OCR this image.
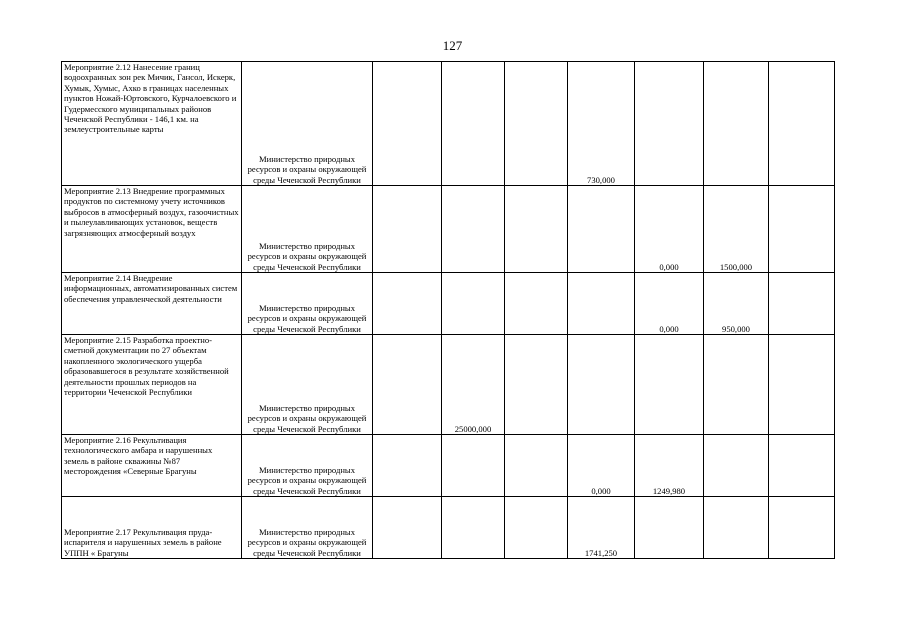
127
Мероприятие 2.12 Нанесение границ водоохранных зон рек Мичик, Гансол, Искерк, Хумык, Хумыс, Ахко в границах населенных пунктов Ножай-Юртовского, Курчалоевского и Гудермесского муниципальных районов Чеченской Республики - 146,1 км. на землеустроительные карты	Министерство природных ресурсов и охраны окружающей среды Чеченской Республики				730,000			
Мероприятие 2.13 Внедрение программных продуктов по системному учету источников выбросов в атмосферный воздух, газоочистных и пылеулавливающих установок, веществ загрязняющих атмосферный воздух	Министерство природных ресурсов и охраны окружающей среды Чеченской Республики					0,000	1500,000	
Мероприятие 2.14 Внедрение информационных, автоматизированных систем обеспечения управленческой деятельности	Министерство природных ресурсов и охраны окружающей среды Чеченской Республики					0,000	950,000	
Мероприятие 2.15 Разработка проектно-сметной документации по 27 объектам накопленного экологического ущерба образовавшегося в результате хозяйственной деятельности прошлых периодов на территории Чеченской Республики	Министерство природных ресурсов и охраны окружающей среды Чеченской Республики		25000,000					
Мероприятие 2.16 Рекультивация технологического амбара и нарушенных земель в районе скважины №87 месторождения «Северные Брагуны	Министерство природных ресурсов и охраны окружающей среды Чеченской Республики				0,000	1249,980		
Мероприятие 2.17 Рекультивация пруда-испарителя и нарушенных земель в районе УППН « Брагуны	Министерство природных ресурсов и охраны окружающей среды Чеченской Республики				1741,250			
